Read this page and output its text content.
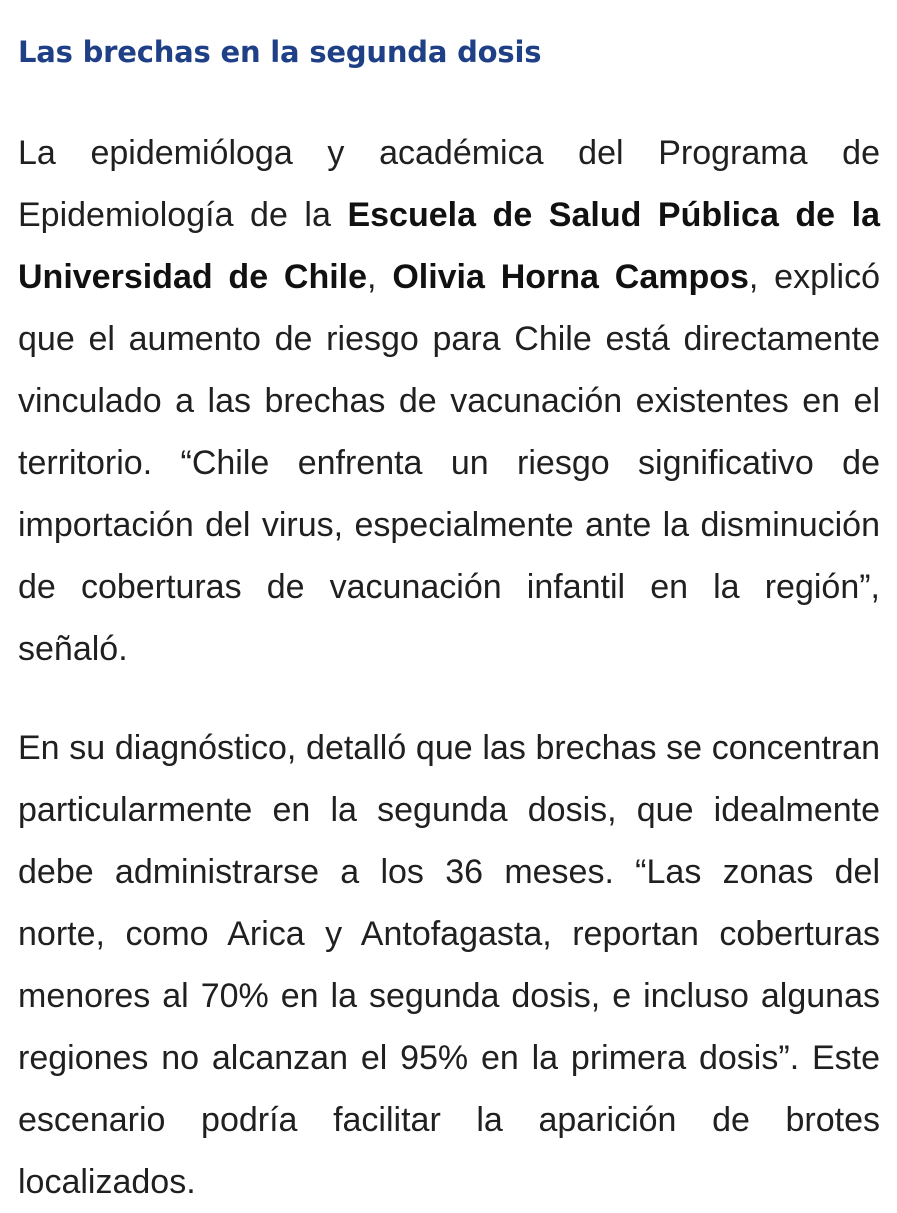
Las brechas en la segunda dosis

La epidemióloga y académica del Programa de Epidemiología de la Escuela de Salud Pública de la Universidad de Chile, Olivia Horna Campos, explicó que el aumento de riesgo para Chile está directamente vinculado a las brechas de vacunación existentes en el territorio. “Chile enfrenta un riesgo significativo de importación del virus, especialmente ante la disminución de coberturas de vacunación infantil en la región”, señaló.

En su diagnóstico, detalló que las brechas se concentran particularmente en la segunda dosis, que idealmente debe administrarse a los 36 meses. “Las zonas del norte, como Arica y Antofagasta, reportan coberturas menores al 70% en la segunda dosis, e incluso algunas regiones no alcanzan el 95% en la primera dosis”. Este escenario podría facilitar la aparición de brotes localizados.
